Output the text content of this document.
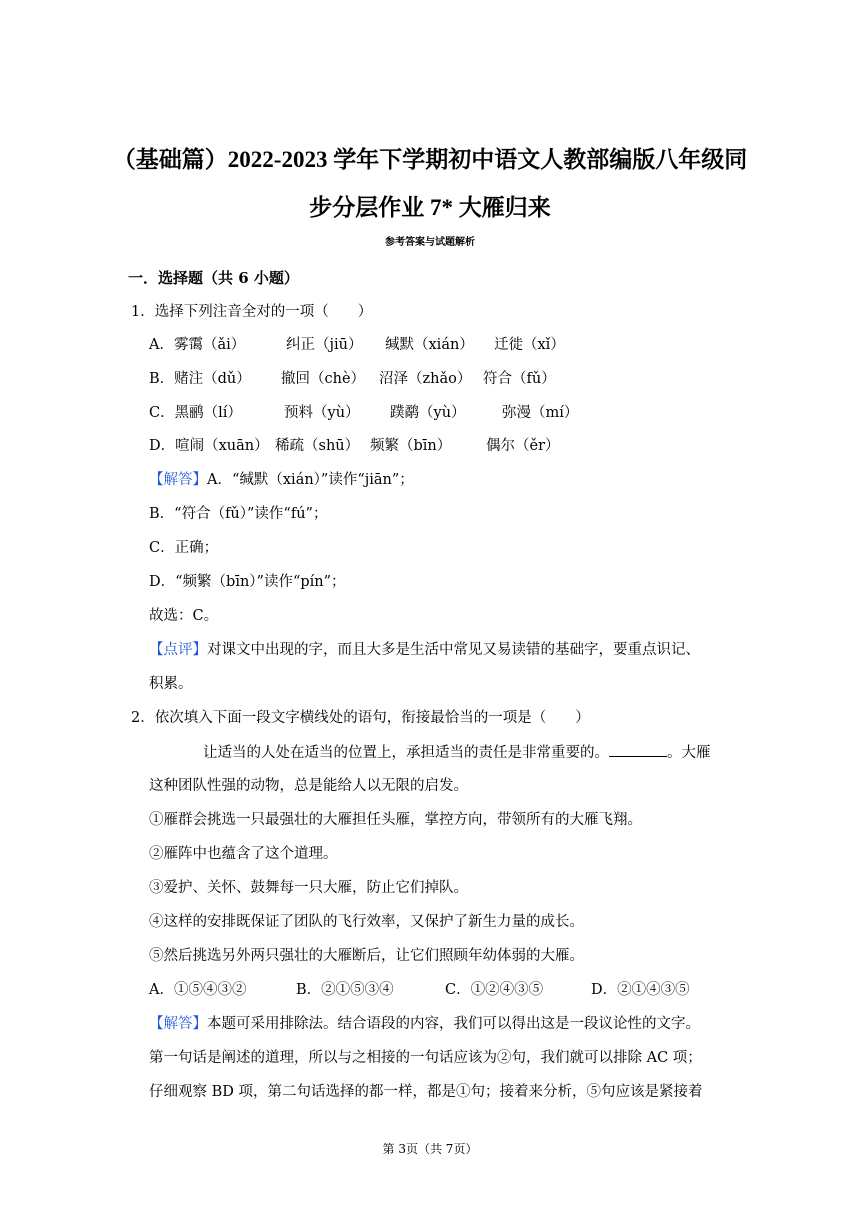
（基础篇）2022-2023 学年下学期初中语文人教部编版八年级同
步分层作业 7* 大雁归来
参考答案与试题解析
一．选择题（共 6 小题）
1．选择下列注音全对的一项（　　）
A．雾霭（ǎi）	纠正（jiū） 缄默（xián） 迁徙（xǐ）
B．赌注（dǔ） 撤回（chè） 沼泽（zhǎo） 符合（fǔ）
C．黑鹂（lí）	预料（yù） 蹼鹬（yù）	弥漫（mí）
D．喧闹（xuān） 稀疏（shū） 频繁（bīn） 偶尔（ěr）
【解答】A．“缄默（xián）”读作“jiān”；
B．“符合（fǔ）”读作“fú”；
C．正确；
D．“频繁（bīn）”读作“pín”；
故选：C。
【点评】对课文中出现的字，而且大多是生活中常见又易读错的基础字，要重点识记、
积累。
2．依次填入下面一段文字横线处的语句，衔接最恰当的一项是（　　）
让适当的人处在适当的位置上，承担适当的责任是非常重要的。	。大雁
这种团队性强的动物，总是能给人以无限的启发。
①雁群会挑选一只最强壮的大雁担任头雁，掌控方向，带领所有的大雁飞翔。
②雁阵中也蕴含了这个道理。
③爱护、关怀、鼓舞每一只大雁，防止它们掉队。
④这样的安排既保证了团队的飞行效率，又保护了新生力量的成长。
⑤然后挑选另外两只强壮的大雁断后，让它们照顾年幼体弱的大雁。
A．①⑤④③②	B．②①⑤③④	C．①②④③⑤	D．②①④③⑤
【解答】本题可采用排除法。结合语段的内容，我们可以得出这是一段议论性的文字。
第一句话是阐述的道理，所以与之相接的一句话应该为②句，我们就可以排除 AC 项；
仔细观察 BD 项，第二句话选择的都一样，都是①句；接着来分析，⑤句应该是紧接着
第 3页（共 7页）
